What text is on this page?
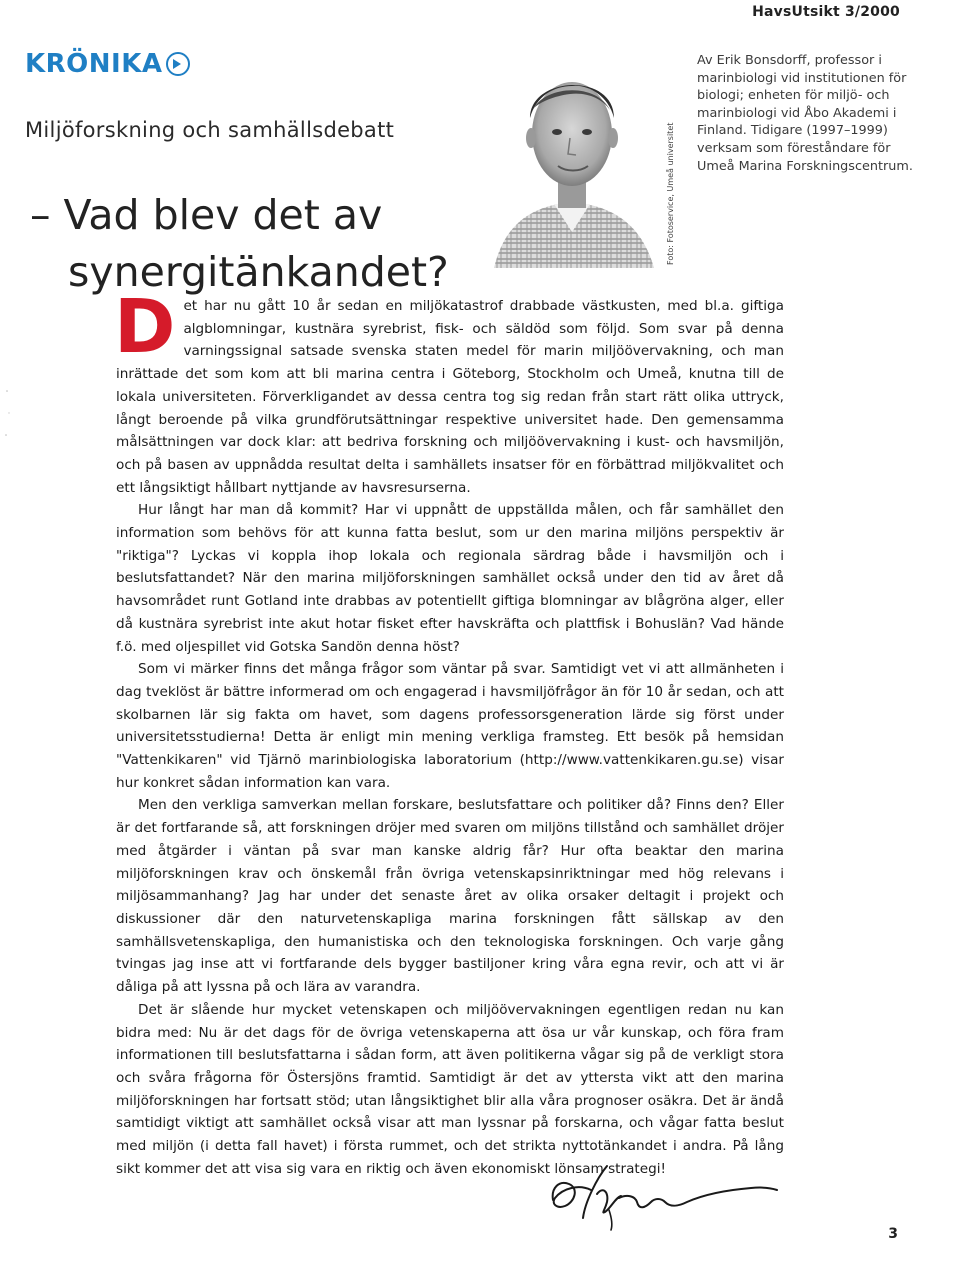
HavsUtsikt 3/2000
KRÖNIKA
Miljöforskning och samhällsdebatt
– Vad blev det av
synergitänkandet?
Foto: Fotoservice, Umeå universitet
Av Erik Bonsdorff, professor i marinbiologi vid institutionen för biologi; enheten för miljö- och marinbiologi vid Åbo Akademi i Finland. Tidigare (1997–1999) verksam som föreståndare för Umeå Marina Forskningscentrum.

Det har nu gått 10 år sedan en miljökatastrof drabbade västkusten, med bl.a. giftiga algblomningar, kustnära syrebrist, fisk- och säldöd som följd. Som svar på denna varningssignal satsade svenska staten medel för marin miljöövervakning, och man inrättade det som kom att bli marina centra i Göteborg, Stockholm och Umeå, knutna till de lokala universiteten. Förverkligandet av dessa centra tog sig redan från start rätt olika uttryck, långt beroende på vilka grundförutsättningar respektive universitet hade. Den gemensamma målsättningen var dock klar: att bedriva forskning och miljöövervakning i kust- och havsmiljön, och på basen av uppnådda resultat delta i samhällets insatser för en förbättrad miljökvalitet och ett långsiktigt hållbart nyttjande av havsresurserna.

Hur långt har man då kommit? Har vi uppnått de uppställda målen, och får samhället den information som behövs för att kunna fatta beslut, som ur den marina miljöns perspektiv är "riktiga"? Lyckas vi koppla ihop lokala och regionala särdrag både i havsmiljön och i beslutsfattandet? När den marina miljöforskningen samhället också under den tid av året då havsområdet runt Gotland inte drabbas av potentiellt giftiga blomningar av blågröna alger, eller då kustnära syrebrist inte akut hotar fisket efter havskräfta och plattfisk i Bohuslän? Vad hände f.ö. med oljespillet vid Gotska Sandön denna höst?

Som vi märker finns det många frågor som väntar på svar. Samtidigt vet vi att allmänheten i dag tveklöst är bättre informerad om och engagerad i havsmiljöfrågor än för 10 år sedan, och att skolbarnen lär sig fakta om havet, som dagens professorsgeneration lärde sig först under universitetsstudierna! Detta är enligt min mening verkliga framsteg. Ett besök på hemsidan "Vattenkikaren" vid Tjärnö marinbiologiska laboratorium (http://www.vattenkikaren.gu.se) visar hur konkret sådan information kan vara.

Men den verkliga samverkan mellan forskare, beslutsfattare och politiker då? Finns den? Eller är det fortfarande så, att forskningen dröjer med svaren om miljöns tillstånd och samhället dröjer med åtgärder i väntan på svar man kanske aldrig får? Hur ofta beaktar den marina miljöforskningen krav och önskemål från övriga vetenskapsinriktningar med hög relevans i miljösammanhang? Jag har under det senaste året av olika orsaker deltagit i projekt och diskussioner där den naturvetenskapliga marina forskningen fått sällskap av den samhällsvetenskapliga, den humanistiska och den teknologiska forskningen. Och varje gång tvingas jag inse att vi fortfarande dels bygger bastiljoner kring våra egna revir, och att vi är dåliga på att lyssna på och lära av varandra.

Det är slående hur mycket vetenskapen och miljöövervakningen egentligen redan nu kan bidra med: Nu är det dags för de övriga vetenskaperna att ösa ur vår kunskap, och föra fram informationen till beslutsfattarna i sådan form, att även politikerna vågar sig på de verkligt stora och svåra frågorna för Östersjöns framtid. Samtidigt är det av yttersta vikt att den marina miljöforskningen har fortsatt stöd; utan långsiktighet blir alla våra prognoser osäkra. Det är ändå samtidigt viktigt att samhället också visar att man lyssnar på forskarna, och vågar fatta beslut med miljön (i detta fall havet) i första rummet, och det strikta nyttotänkandet i andra. På lång sikt kommer det att visa sig vara en riktig och även ekonomiskt lönsam strategi!

3
